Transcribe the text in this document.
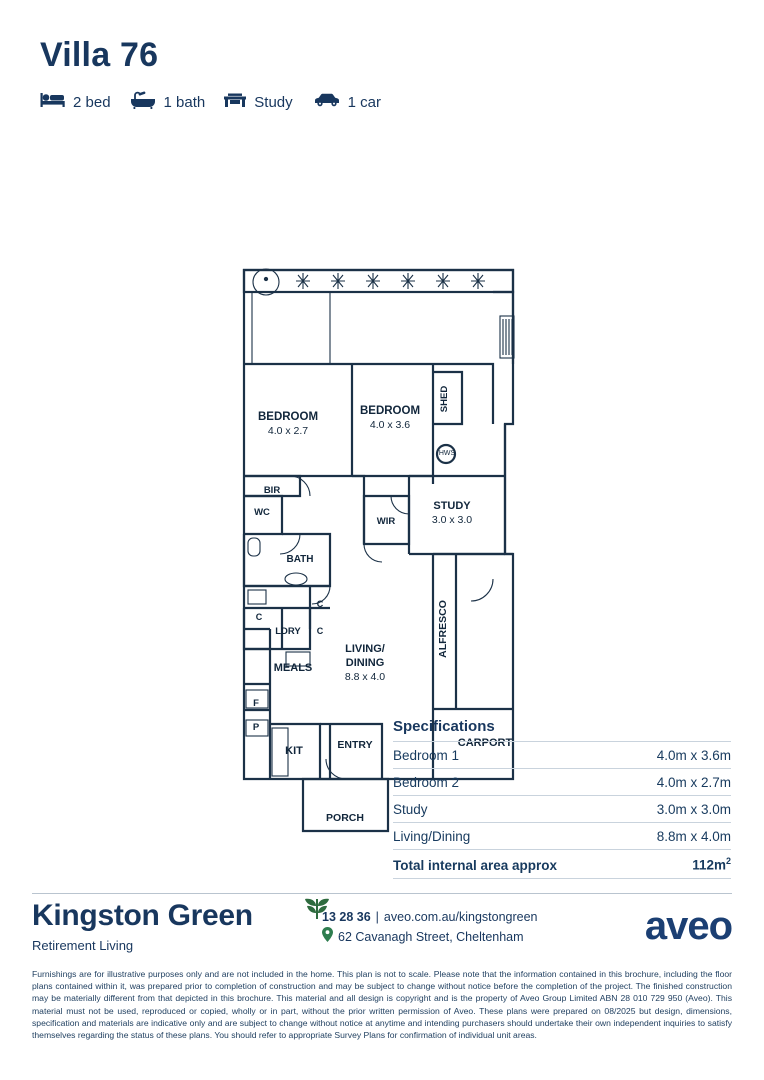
Villa 76
2 bed	1 bath	Study	1 car
BEDROOM
4.0 x 2.7
BEDROOM
4.0 x 3.6
STUDY
3.0 x 3.0
LIVING/
DINING
8.8 x 4.0
MEALS
KIT	ENTRY
PORCH
CARPORT
BIR
WC
WIR
BATH
LDRY
C
C
C
F
P
SHED
ALFRESCO
HWS
Specifications
Bedroom 1	4.0m x 3.6m
Bedroom 2	4.0m x 2.7m
Study	3.0m x 3.0m
Living/Dining	8.8m x 4.0m
Total internal area approx	$112m^2$
Kingston Green
Retirement Living
13 28 36 | aveo.com.au/kingstongreen
62 Cavanagh Street, Cheltenham	aveo
Furnishings are for illustrative purposes only and are not included in the home. This plan is not to scale. Please note that the information contained in this brochure, including the floor plans contained within it, was prepared prior to completion of construction and may be subject to change without notice before the completion of the project. The finished construction may be materially different from that depicted in this brochure. This material and all design is copyright and is the property of Aveo Group Limited ABN 28 010 729 950 (Aveo). This material must not be used, reproduced or copied, wholly or in part, without the prior written permission of Aveo. These plans were prepared on 08/2025 but design, dimensions, specification and materials are indicative only and are subject to change without notice at anytime and intending purchasers should undertake their own independent inquiries to satisfy themselves regarding the status of these plans. You should refer to appropriate Survey Plans for confirmation of individual unit areas.
